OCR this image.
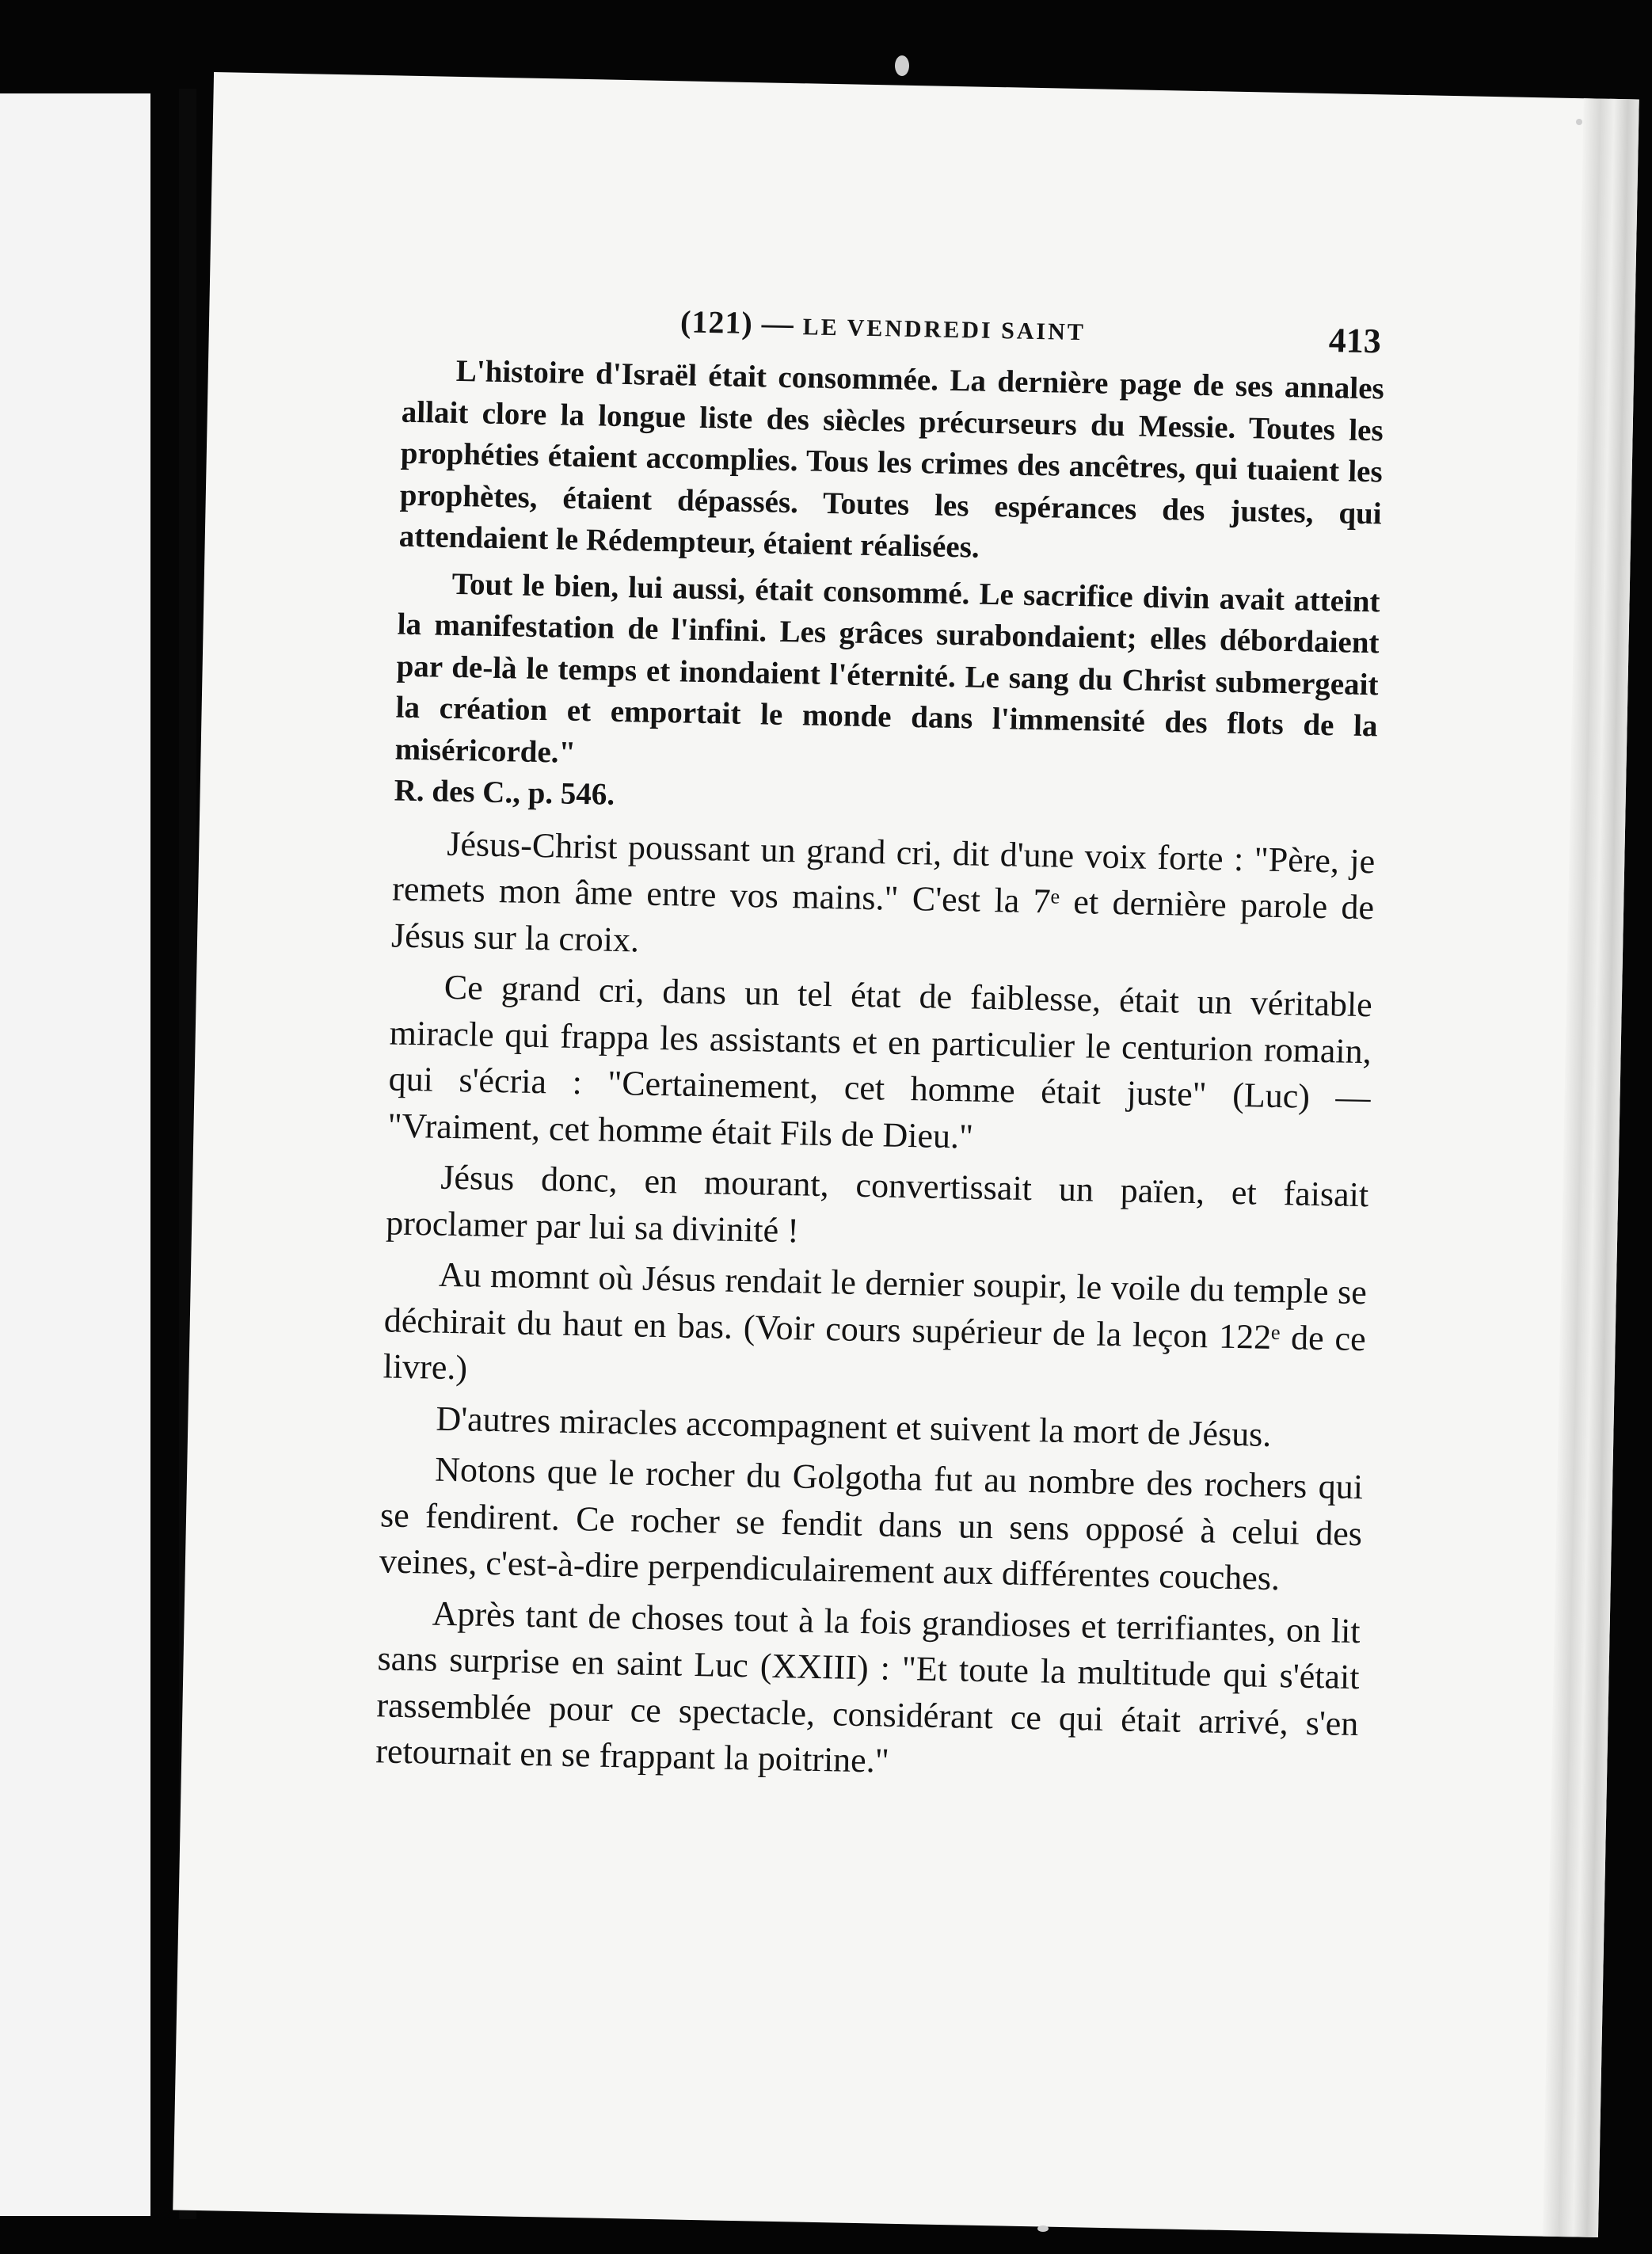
(121) — LE VENDREDI SAINT	413

L'histoire d'Israël était consommée. La dernière page de ses annales allait clore la longue liste des siècles précurseurs du Messie. Toutes les prophéties étaient accomplies. Tous les crimes des ancêtres, qui tuaient les prophètes, étaient dépassés. Toutes les espérances des justes, qui attendaient le Rédempteur, étaient réalisées.

Tout le bien, lui aussi, était consommé. Le sacrifice divin avait atteint la manifestation de l'infini. Les grâces surabondaient; elles débordaient par de-là le temps et inondaient l'éternité. Le sang du Christ submergeait la création et emportait le monde dans l'immensité des flots de la miséricorde."

R. des C., p. 546.

Jésus-Christ poussant un grand cri, dit d'une voix forte : "Père, je remets mon âme entre vos mains." C'est la 7ᵉ et dernière parole de Jésus sur la croix.

Ce grand cri, dans un tel état de faiblesse, était un véritable miracle qui frappa les assistants et en particulier le centurion romain, qui s'écria : "Certainement, cet homme était juste" (Luc) — "Vraiment, cet homme était Fils de Dieu."

Jésus donc, en mourant, convertissait un païen, et faisait proclamer par lui sa divinité !

Au momnt où Jésus rendait le dernier soupir, le voile du temple se déchirait du haut en bas. (Voir cours supérieur de la leçon 122ᵉ de ce livre.)

D'autres miracles accompagnent et suivent la mort de Jésus.

Notons que le rocher du Golgotha fut au nombre des rochers qui se fendirent. Ce rocher se fendit dans un sens opposé à celui des veines, c'est-à-dire perpendiculairement aux différentes couches.

Après tant de choses tout à la fois grandioses et terrifiantes, on lit sans surprise en saint Luc (XXIII) : "Et toute la multitude qui s'était rassemblée pour ce spectacle, considérant ce qui était arrivé, s'en retournait en se frappant la poitrine."
